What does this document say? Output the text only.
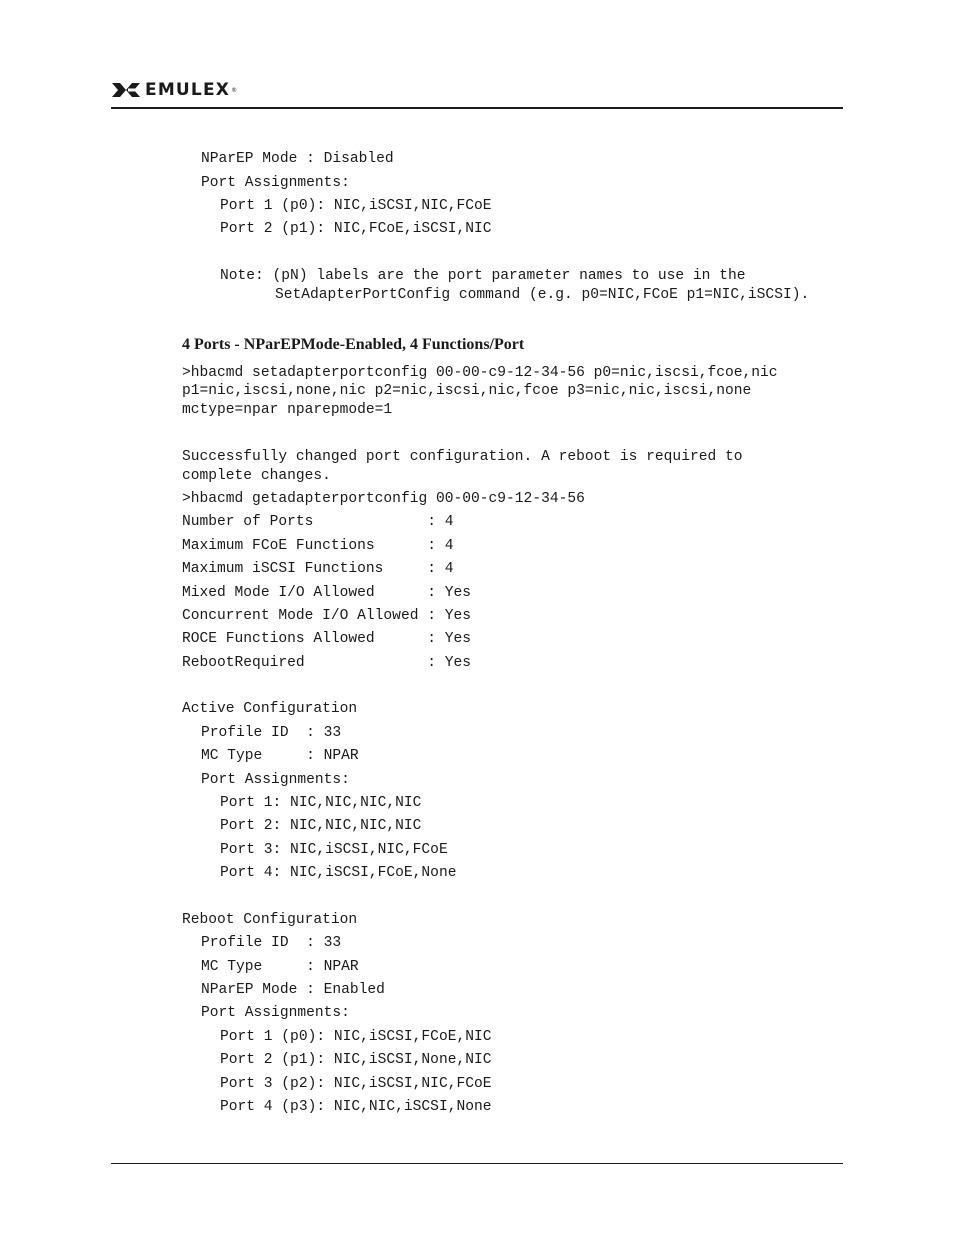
EMULEX ®

NParEP Mode : Disabled

Port Assignments:

Port 1 (p0): NIC,iSCSI,NIC,FCoE

Port 2 (p1): NIC,FCoE,iSCSI,NIC

Note: (pN) labels are the port parameter names to use in the

SetAdapterPortConfig command (e.g. p0=NIC,FCoE p1=NIC,iSCSI).

4 Ports - NParEPMode-Enabled, 4 Functions/Port

>hbacmd setadapterportconfig 00-00-c9-12-34-56 p0=nic,iscsi,fcoe,nic

p1=nic,iscsi,none,nic p2=nic,iscsi,nic,fcoe p3=nic,nic,iscsi,none

mctype=npar nparepmode=1

Successfully changed port configuration. A reboot is required to

complete changes.

>hbacmd getadapterportconfig 00-00-c9-12-34-56

Number of Ports             : 4

Maximum FCoE Functions      : 4

Maximum iSCSI Functions     : 4

Mixed Mode I/O Allowed      : Yes

Concurrent Mode I/O Allowed : Yes

ROCE Functions Allowed      : Yes

RebootRequired              : Yes

Active Configuration

Profile ID  : 33

MC Type     : NPAR

Port Assignments:

Port 1: NIC,NIC,NIC,NIC

Port 2: NIC,NIC,NIC,NIC

Port 3: NIC,iSCSI,NIC,FCoE

Port 4: NIC,iSCSI,FCoE,None

Reboot Configuration

Profile ID  : 33

MC Type     : NPAR

NParEP Mode : Enabled

Port Assignments:

Port 1 (p0): NIC,iSCSI,FCoE,NIC

Port 2 (p1): NIC,iSCSI,None,NIC

Port 3 (p2): NIC,iSCSI,NIC,FCoE

Port 4 (p3): NIC,NIC,iSCSI,None
